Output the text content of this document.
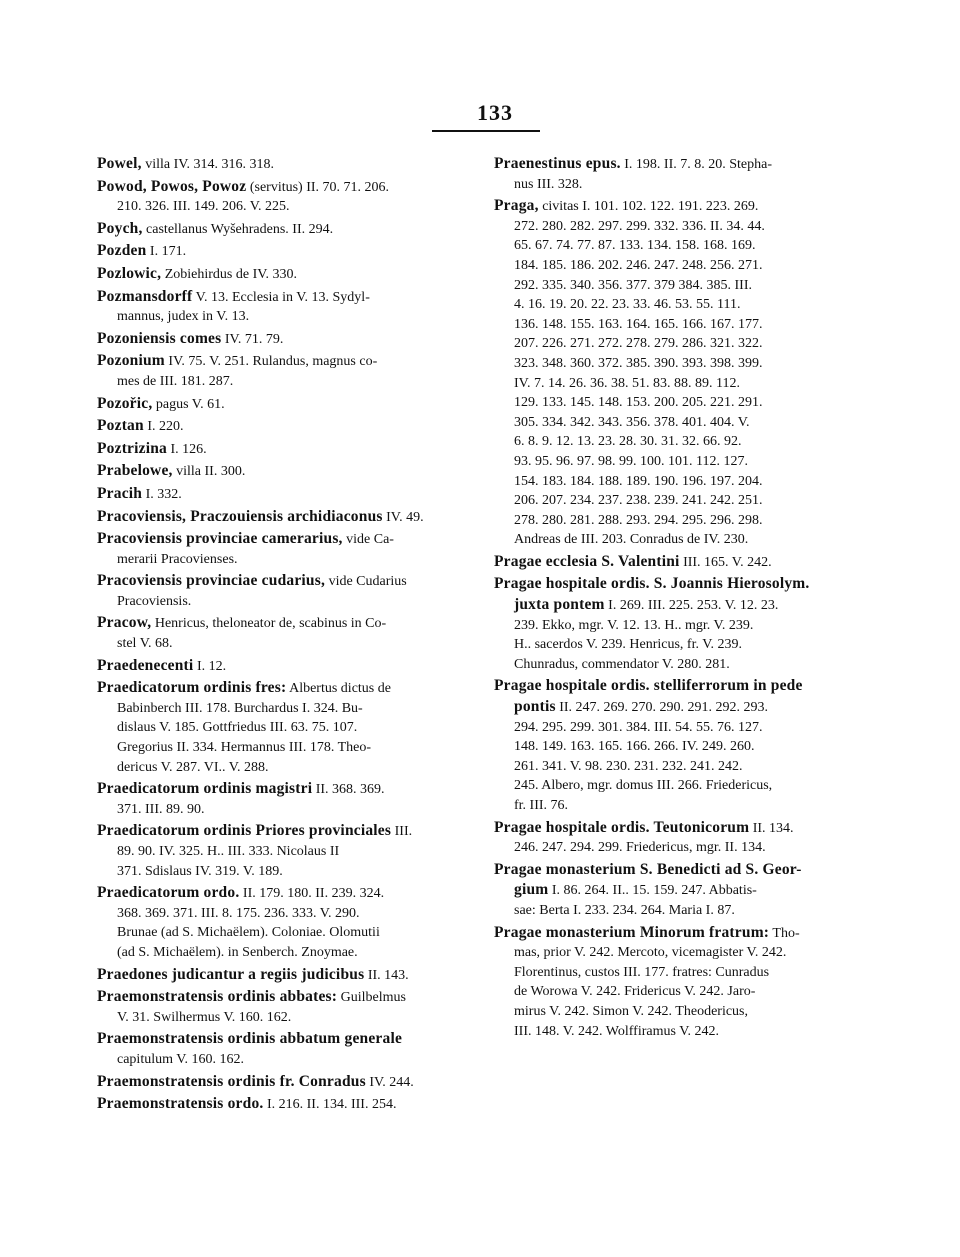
133
Powel, villa IV. 314. 316. 318.
Powod, Powos, Powoz (servitus) II. 70. 71. 206.
210. 326. III. 149. 206. V. 225.
Poych, castellanus Wyšehradens. II. 294.
Pozden I. 171.
Pozlowic, Zobiehirdus de IV. 330.
Pozmansdorff V. 13. Ecclesia in V. 13. Sydyl-
mannus, judex in V. 13.
Pozoniensis comes IV. 71. 79.
Pozonium IV. 75. V. 251. Rulandus, magnus co-
mes de III. 181. 287.
Pozořic, pagus V. 61.
Poztan I. 220.
Poztrizina I. 126.
Prabelowe, villa II. 300.
Pracih I. 332.
Pracoviensis, Praczouiensis archidiaconus IV. 49.
Pracoviensis provinciae camerarius, vide Ca-
merarii Pracovienses.
Pracoviensis provinciae cudarius, vide Cudarius
Pracoviensis.
Pracow, Henricus, theloneator de, scabinus in Co-
stel V. 68.
Praedenecenti I. 12.
Praedicatorum ordinis fres: Albertus dictus de
Babinberch III. 178. Burchardus I. 324. Bu-
dislaus V. 185. Gottfriedus III. 63. 75. 107.
Gregorius II. 334. Hermannus III. 178. Theo-
dericus V. 287. VI.. V. 288.
Praedicatorum ordinis magistri II. 368. 369.
371. III. 89. 90.
Praedicatorum ordinis Priores provinciales III.
89. 90. IV. 325. H.. III. 333. Nicolaus II
371. Sdislaus IV. 319. V. 189.
Praedicatorum ordo. II. 179. 180. II. 239. 324.
368. 369. 371. III. 8. 175. 236. 333. V. 290.
Brunae (ad S. Michaëlem). Coloniae. Olomutii
(ad S. Michaëlem). in Senberch. Znoymae.
Praedones judicantur a regiis judicibus II. 143.
Praemonstratensis ordinis abbates: Guilbelmus
V. 31. Swilhermus V. 160. 162.
Praemonstratensis ordinis abbatum generale
capitulum V. 160. 162.
Praemonstratensis ordinis fr. Conradus IV. 244.
Praemonstratensis ordo. I. 216. II. 134. III. 254.
Praenestinus epus. I. 198. II. 7. 8. 20. Stepha-
nus III. 328.
Praga, civitas I. 101. 102. 122. 191. 223. 269.
272. 280. 282. 297. 299. 332. 336. II. 34. 44.
65. 67. 74. 77. 87. 133. 134. 158. 168. 169.
184. 185. 186. 202. 246. 247. 248. 256. 271.
292. 335. 340. 356. 377. 379 384. 385. III.
4. 16. 19. 20. 22. 23. 33. 46. 53. 55. 111.
136. 148. 155. 163. 164. 165. 166. 167. 177.
207. 226. 271. 272. 278. 279. 286. 321. 322.
323. 348. 360. 372. 385. 390. 393. 398. 399.
IV. 7. 14. 26. 36. 38. 51. 83. 88. 89. 112.
129. 133. 145. 148. 153. 200. 205. 221. 291.
305. 334. 342. 343. 356. 378. 401. 404. V.
6. 8. 9. 12. 13. 23. 28. 30. 31. 32. 66. 92.
93. 95. 96. 97. 98. 99. 100. 101. 112. 127.
154. 183. 184. 188. 189. 190. 196. 197. 204.
206. 207. 234. 237. 238. 239. 241. 242. 251.
278. 280. 281. 288. 293. 294. 295. 296. 298.
Andreas de III. 203. Conradus de IV. 230.
Pragae ecclesia S. Valentini III. 165. V. 242.
Pragae hospitale ordis. S. Joannis Hierosolym.
juxta pontem I. 269. III. 225. 253. V. 12. 23.
239. Ekko, mgr. V. 12. 13. H.. mgr. V. 239.
H.. sacerdos V. 239. Henricus, fr. V. 239.
Chunradus, commendator V. 280. 281.
Pragae hospitale ordis. stelliferrorum in pede
pontis II. 247. 269. 270. 290. 291. 292. 293.
294. 295. 299. 301. 384. III. 54. 55. 76. 127.
148. 149. 163. 165. 166. 266. IV. 249. 260.
261. 341. V. 98. 230. 231. 232. 241. 242.
245. Albero, mgr. domus III. 266. Friedericus,
fr. III. 76.
Pragae hospitale ordis. Teutonicorum II. 134.
246. 247. 294. 299. Friedericus, mgr. II. 134.
Pragae monasterium S. Benedicti ad S. Geor-
gium I. 86. 264. II.. 15. 159. 247. Abbatis-
sae: Berta I. 233. 234. 264. Maria I. 87.
Pragae monasterium Minorum fratrum: Tho-
mas, prior V. 242. Mercoto, vicemagister V. 242.
Florentinus, custos III. 177. fratres: Cunradus
de Worowa V. 242. Fridericus V. 242. Jaro-
mirus V. 242. Simon V. 242. Theodericus,
III. 148. V. 242. Wolffiramus V. 242.
